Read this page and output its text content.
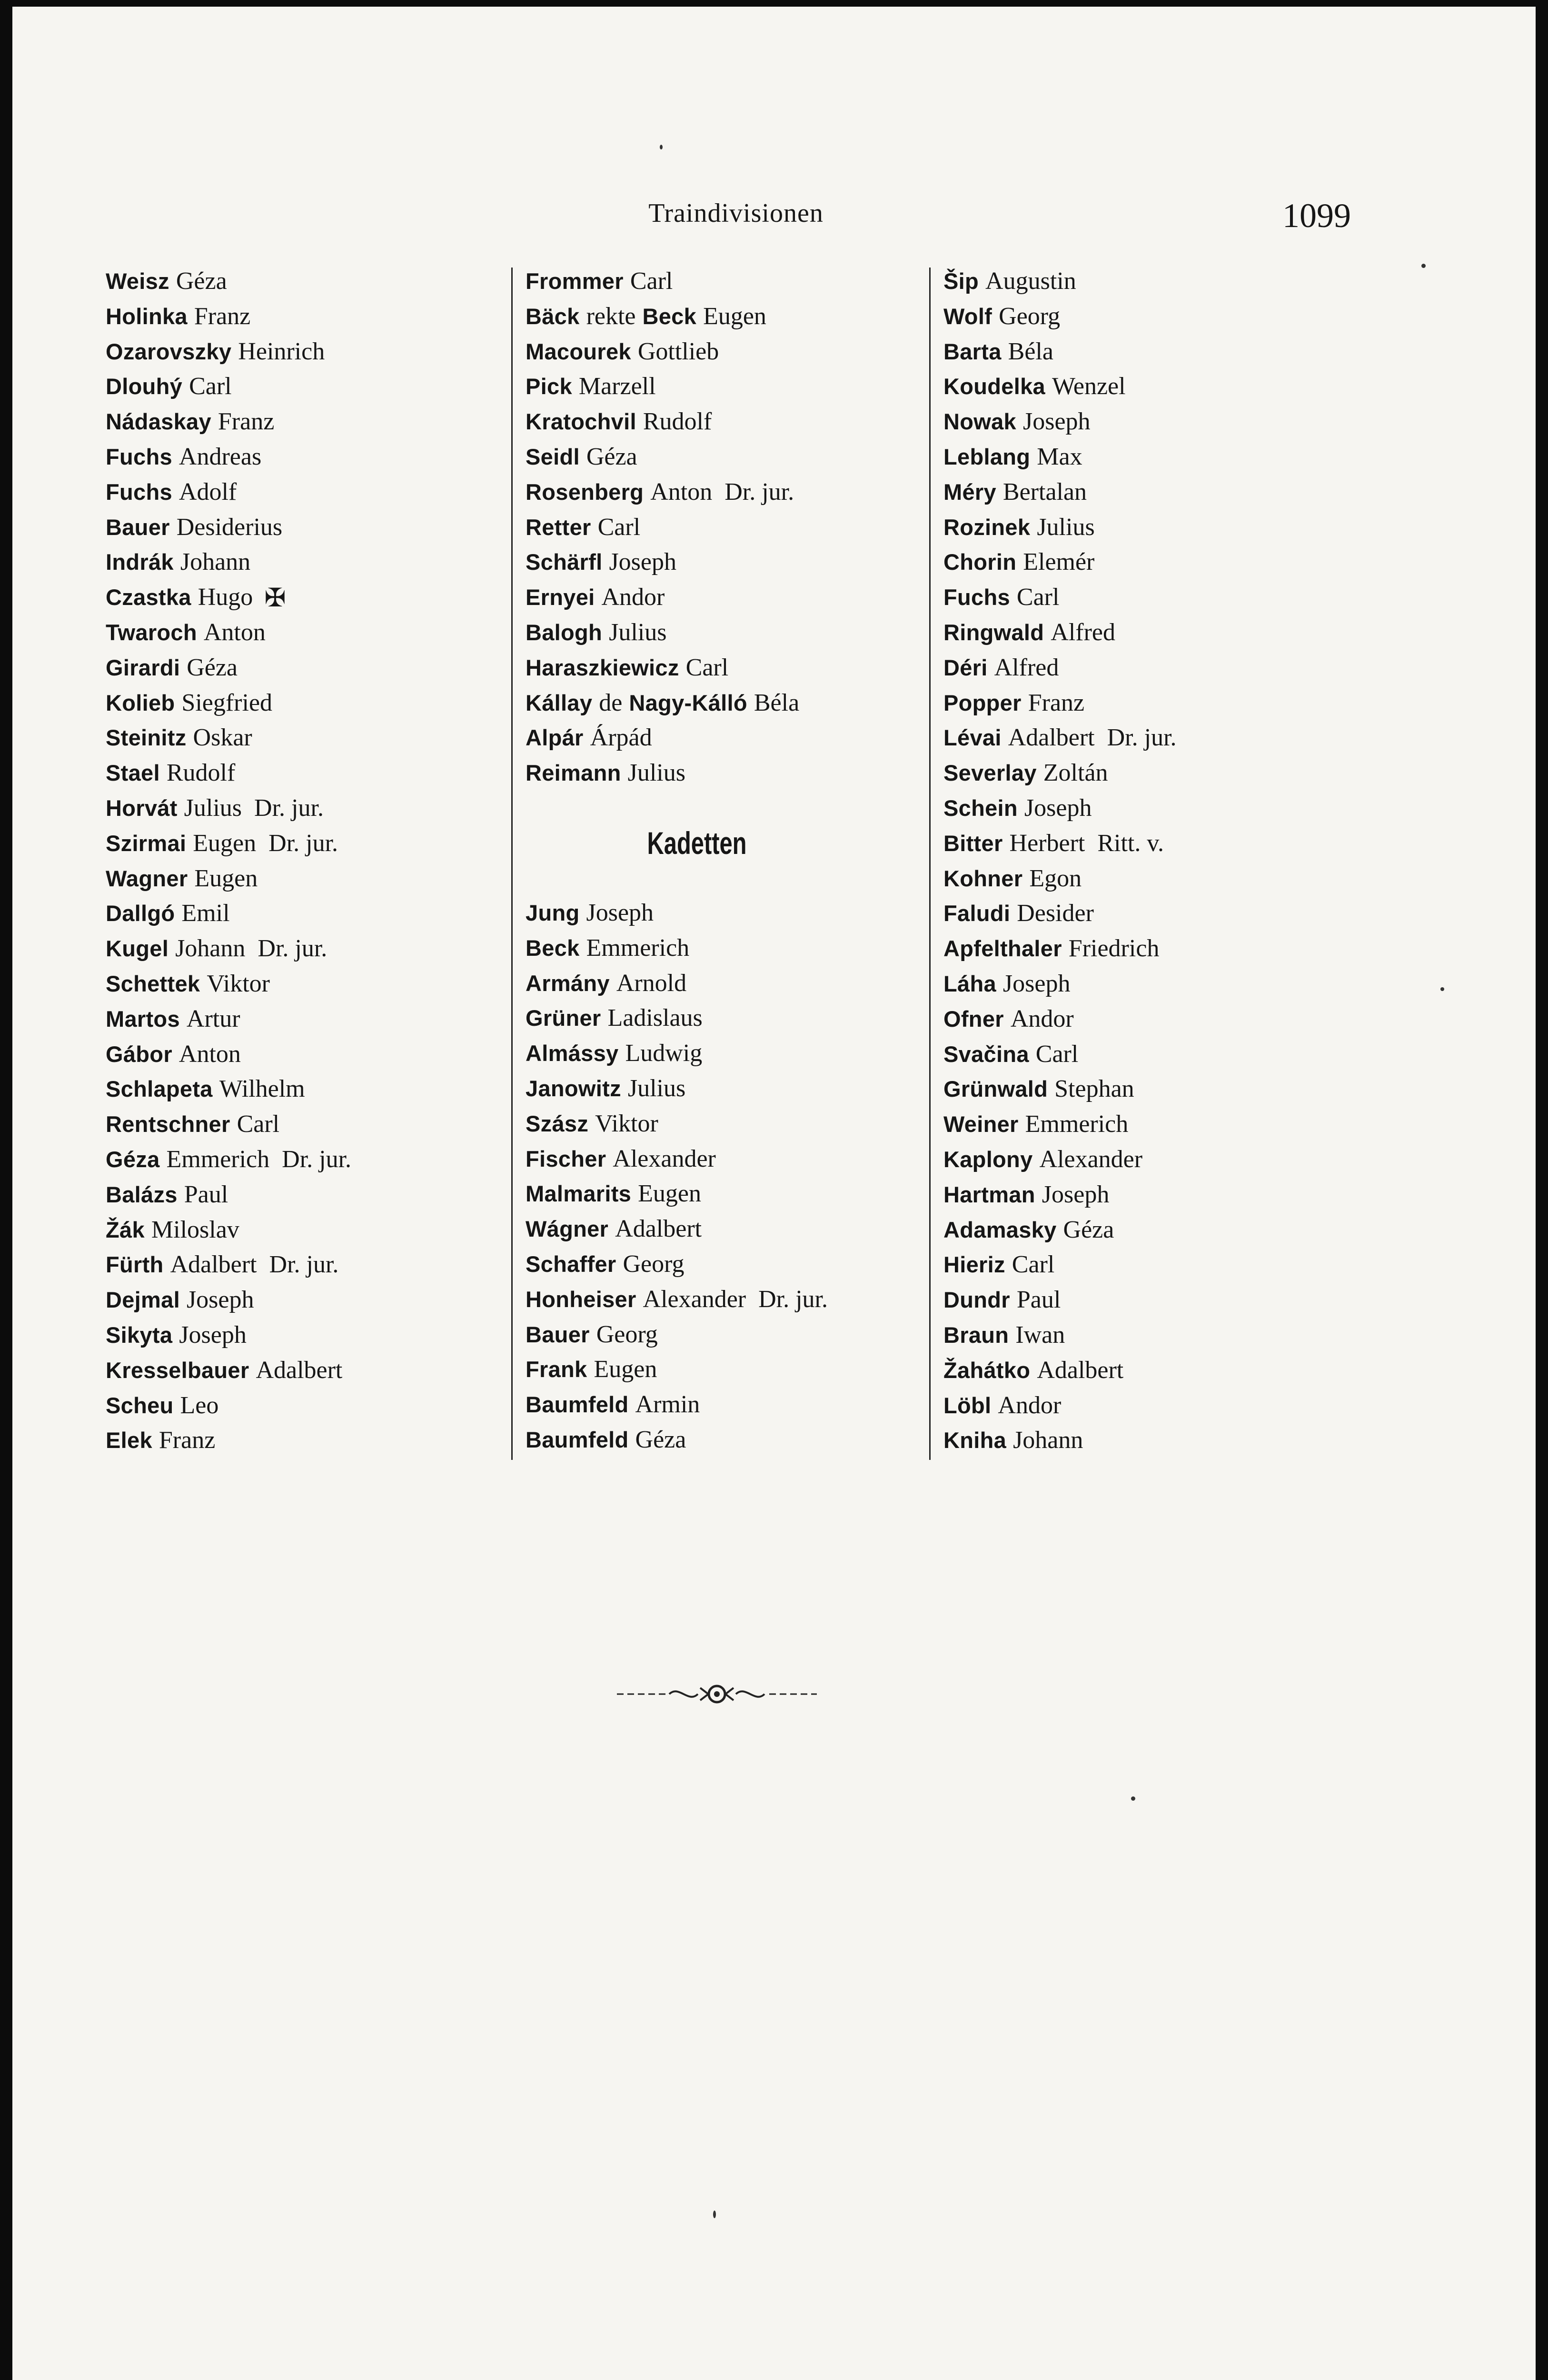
Traindivisionen	1099
Weisz Géza
Holinka Franz
Ozarovszky Heinrich
Dlouhý Carl
Nádaskay Franz
Fuchs Andreas
Fuchs Adolf
Bauer Desiderius
Indrák Johann
Czastka Hugo ✠
Twaroch Anton
Girardi Géza
Kolieb Siegfried
Steinitz Oskar
Stael Rudolf
Horvát Julius Dr. jur.
Szirmai Eugen Dr. jur.
Wagner Eugen
Dallgó Emil
Kugel Johann Dr. jur.
Schettek Viktor
Martos Artur
Gábor Anton
Schlapeta Wilhelm
Rentschner Carl
Géza Emmerich Dr. jur.
Balázs Paul
Žák Miloslav
Fürth Adalbert Dr. jur.
Dejmal Joseph
Sikyta Joseph
Kresselbauer Adalbert
Scheu Leo
Elek Franz
Frommer Carl
Bäck rekte Beck Eugen
Macourek Gottlieb
Pick Marzell
Kratochvil Rudolf
Seidl Géza
Rosenberg Anton Dr. jur.
Retter Carl
Schärfl Joseph
Ernyei Andor
Balogh Julius
Haraszkiewicz Carl
Kállay de Nagy-Kálló Béla
Alpár Árpád
Reimann Julius
Kadetten
Jung Joseph
Beck Emmerich
Armány Arnold
Grüner Ladislaus
Almássy Ludwig
Janowitz Julius
Szász Viktor
Fischer Alexander
Malmarits Eugen
Wágner Adalbert
Schaffer Georg
Honheiser Alexander Dr. jur.
Bauer Georg
Frank Eugen
Baumfeld Armin
Baumfeld Géza
Šip Augustin
Wolf Georg
Barta Béla
Koudelka Wenzel
Nowak Joseph
Leblang Max
Méry Bertalan
Rozinek Julius
Chorin Elemér
Fuchs Carl
Ringwald Alfred
Déri Alfred
Popper Franz
Lévai Adalbert Dr. jur.
Severlay Zoltán
Schein Joseph
Bitter Herbert Ritt. v.
Kohner Egon
Faludi Desider
Apfelthaler Friedrich
Láha Joseph
Ofner Andor
Svačina Carl
Grünwald Stephan
Weiner Emmerich
Kaplony Alexander
Hartman Joseph
Adamasky Géza
Hieriz Carl
Dundr Paul
Braun Iwan
Žahátko Adalbert
Löbl Andor
Kniha Johann
